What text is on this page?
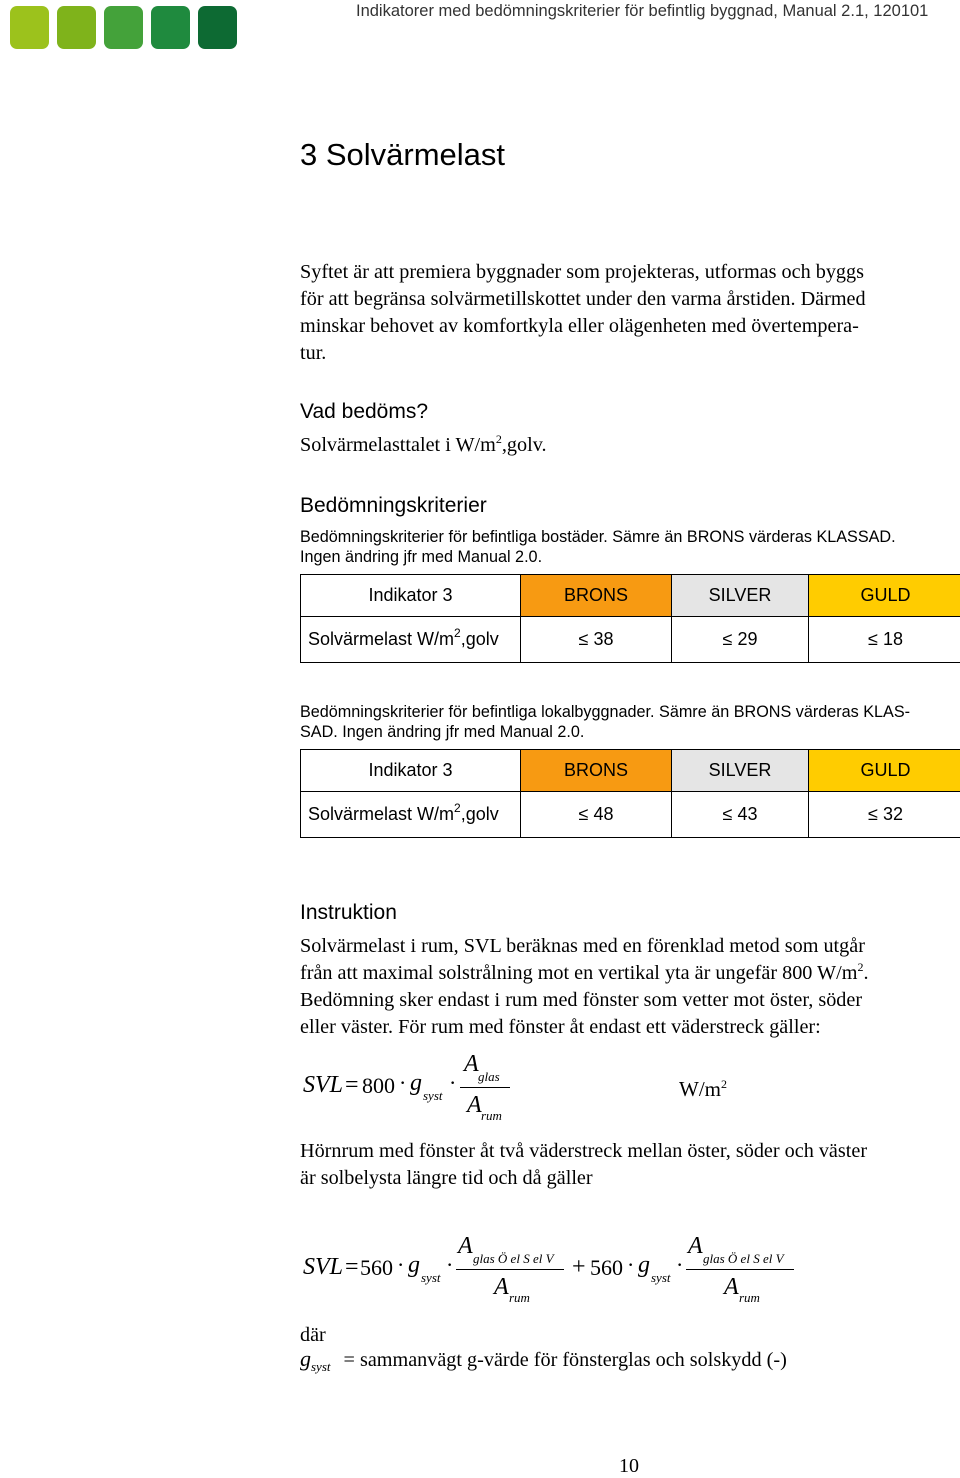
Indikatorer med bedömningskriterier för befintlig byggnad, Manual 2.1, 120101
3 Solvärmelast
Syftet är att premiera byggnader som projekteras, utformas och byggs
för att begränsa solvärmetillskottet under den varma årstiden. Därmed
minskar behovet av komfortkyla eller olägenheten med övertempera-
tur.
Vad bedöms?
Solvärmelasttalet i $W/m^2,golv$.
Bedömningskriterier
Bedömningskriterier för befintliga bostäder. Sämre än BRONS värderas KLASSAD.
Ingen ändring jfr med Manual 2.0.
Indikator 3	BRONS	SILVER	GULD
Solvärmelast $W/m^2,golv$	≤ 38	≤ 29	≤ 18
Bedömningskriterier för befintliga lokalbyggnader. Sämre än BRONS värderas KLAS-
SAD. Ingen ändring jfr med Manual 2.0.
Indikator 3	BRONS	SILVER	GULD
Solvärmelast $W/m^2,golv$	≤ 48	≤ 43	≤ 32
Instruktion
Solvärmelast i rum, SVL beräknas med en förenklad metod som utgår
från att maximal solstrålning mot en vertikal yta är ungefär 800 $W/m^2$.
Bedömning sker endast i rum med fönster som vetter mot öster, söder
eller väster. För rum med fönster åt endast ett väderstreck gäller:
SVL = 800 · g syst
·
A glas
A rum
$W/m^2$
Hörnrum med fönster åt två väderstreck mellan öster, söder och väster
är solbelysta längre tid och då gäller
SVL = 560 · g syst
·
A glas Ö el S el V
A rum
+ 560 · g syst
·
A glas Ö el S el V
A rum
där
$g_{syst}$ = sammanvägt g-värde för fönsterglas och solskydd (-)
10
